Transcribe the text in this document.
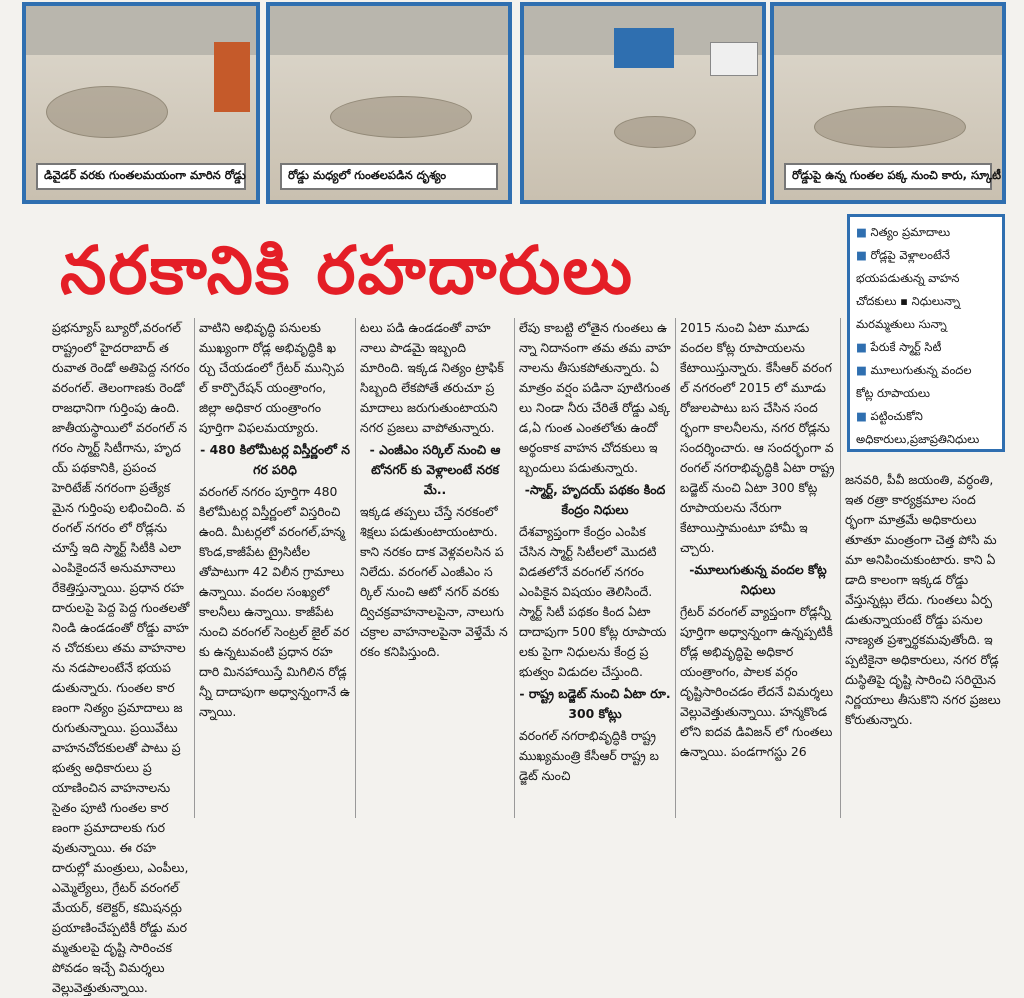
డివైడర్ వరకు గుంతలమయంగా మారిన రోడ్డు	రోడ్డు మధ్యలో గుంతలపడిన దృశ్యం	రోడ్డుపై ఉన్న గుంతల పక్క నుంచి కారు, స్కూటీ
నరకానికి రహదారులు
■	నిత్యం ప్రమాదాలు
■ రోడ్లపై వెళ్లాలంటేనే
భయపడుతున్న వాహన
చోదకులు ▪ నిధులున్నా
మరమ్మతులు సున్నా
■ పేరుకే స్మార్ట్ సిటీ
■ మూలుగుతున్న వందల
కోట్ల రూపాయలు
■ పట్టించుకోని
అధికారులు,ప్రజాప్రతినిధులు

ప్రభన్యూస్ బ్యూరో,వరంగల్ రాష్ట్రంలో హైదరాబాద్ తరువాత రెండో అతిపెద్ద నగరం వరంగల్. తెలంగాణకు రెండో రాజధానిగా గుర్తింపు ఉంది. జాతీయస్థాయిలో వరంగల్ నగరం స్మార్ట్ సిటీగాను, హృదయ్ పథకానికి, ప్రపంచ హెరిటేజ్ నగరంగా ప్రత్యేకమైన గుర్తింపు లభించింది. వరంగల్ నగరం లో రోడ్లను చూస్తే ఇది స్మార్ట్ సిటీకి ఎలా ఎంపికైందనే అనుమానాలు రేకెత్తిస్తున్నాయి. ప్రధాన రహదారులపై పెద్ద పెద్ద గుంతలతో నిండి ఉండడంతో రోడ్డు వాహన చోదకులు తమ వాహనాలను నడపాలంటేనే భయపడుతున్నారు. గుంతల కారణంగా నిత్యం ప్రమాదాలు జరుగుతున్నాయి. ప్రయివేటు వాహనచోదకులతో పాటు ప్రభుత్వ అధికారులు ప్రయాణించిన వాహనాలను సైతం పూటి గుంతల కారణంగా ప్రమాదాలకు గురవుతున్నాయి. ఈ రహదారుల్లో మంత్రులు, ఎంపీలు, ఎమ్మెల్యేలు, గ్రేటర్ వరంగల్ మేయర్, కలెక్టర్, కమిషనర్లు ప్రయాణించేప్పటికీ రోడ్డు మరమ్మతులపై దృష్టి సారించకపోవడం ఇచ్చే విమర్శలు వెల్లువెత్తుతున్నాయి.

వాటిని అభివృద్ధి పనులకు ముఖ్యంగా రోడ్ల అభివృద్ధికి ఖర్చు చేయడంలో గ్రేటర్ మున్సిపల్ కార్పొరేషన్ యంత్రాంగం, జిల్లా అధికార యంత్రాంగం పూర్తిగా విఫలమయ్యారు.

- 480 కిలోమీటర్ల విస్తీర్ణంలో నగర పరిధి

వరంగల్ నగరం పూర్తిగా 480 కిలోమీటర్ల విస్తీర్ణంలో విస్తరించి ఉంది. మీటర్లలో వరంగల్,హన్మకొండ,కాజీపేట ట్రైసిటీలతోపాటుగా 42 విలీన గ్రామాలు ఉన్నాయి. వందల సంఖ్యలో కాలనీలు ఉన్నాయి. కాజీపేట నుంచి వరంగల్ సెంట్రల్ జైల్ వరకు ఉన్నటువంటి ప్రధాన రహదారి మినహాయిస్తే మిగిలిన రోడ్లన్నీ దాదాపుగా అధ్వాన్నంగానే ఉన్నాయి.

టలు పడి ఉండడంతో వాహనాలు పాడమై ఇబ్బంది మారింది. ఇక్కడ నిత్యం ట్రాఫిక్ సిబ్బంది లేకపోతే తరుచూ ప్రమాదాలు జరుగుతుంటాయని నగర ప్రజలు వాపోతున్నారు.

- ఎంజీఎం సర్కిల్ నుంచి ఆటోనగర్ కు వెళ్లాలంటే నరకమే..

ఇక్కడ తప్పలు చేస్తే నరకంలో శిక్షలు పడుతుంటాయంటారు. కాని నరకం దాక వెళ్లవలసిన పనిలేదు. వరంగల్ ఎంజీఎం సర్కిల్ నుంచి ఆటో నగర్ వరకు ద్విచక్రవాహనాలపైనా, నాలుగు చక్రాల వాహనాలపైనా వెళ్తేమే నరకం కనిపిస్తుంది.

లేపు కాబట్టి లోతైన గుంతలు ఉన్నా నిదానంగా తమ తమ వాహనాలను తీసుకపోతున్నారు. ఏమాత్రం వర్షం పడినా పూటిగుంతలు నిండా నీరు చేరితే రోడ్డు ఎక్కడ,ఏ గుంత ఎంతలోతు ఉందో అర్థంకాక వాహన చోదకులు ఇబ్బందులు పడుతున్నారు.

-స్మార్ట్, హృదయ్ పథకం కింద కేంద్రం నిధులు

దేశవ్యాప్తంగా కేంద్రం ఎంపిక చేసిన స్మార్ట్ సిటీలలో మొదటి విడతలోనే వరంగల్ నగరం ఎంపికైన విషయం తెలిసిందే. స్మార్ట్ సిటీ పథకం కింద ఏటా దాదాపుగా 500 కోట్ల రూపాయలకు పైగా నిధులను కేంద్ర ప్రభుత్వం విడుదల చేస్తుంది.

- రాష్ట్ర బడ్జెట్ నుంచి ఏటా రూ.300 కోట్లు

వరంగల్ నగరాభివృద్ధికి రాష్ట్ర ముఖ్యమంత్రి కేసీఆర్ రాష్ట్ర బడ్జెట్ నుంచి

2015 నుంచి ఏటా మూడు వందల కోట్ల రూపాయలను కేటాయిస్తున్నారు. కేసీఆర్ వరంగల్ నగరంలో 2015 లో మూడు రోజులపాటు బస చేసిన సందర్భంగా కాలనీలను, నగర రోడ్లను సందర్శించారు. ఆ సందర్భంగా వరంగల్ నగరాభివృద్ధికి ఏటా రాష్ట్ర బడ్జెట్ నుంచి ఏటా 300 కోట్ల రూపాయలను నేరుగా కేటాయిస్తామంటూ హామీ ఇచ్చారు.

-మూలుగుతున్న వందల కోట్ల నిధులు

గ్రేటర్ వరంగల్ వ్యాప్తంగా రోడ్లన్నీ పూర్తిగా అధ్వాన్నంగా ఉన్నప్పటికీ రోడ్ల అభివృద్ధిపై అధికార యంత్రాంగం, పాలక వర్గం దృష్టిసారించడం లేదనే విమర్శలు వెల్లువెత్తుతున్నాయి. హన్మకొండలోని ఐదవ డివిజన్ లో గుంతలు ఉన్నాయి. పండగాగస్టు 26

జనవరి, పీవీ జయంతి, వర్ధంతి, ఇత రత్రా కార్యక్రమాల సందర్భంగా మాత్రమే అధికారులు తూతూ మంత్రంగా చెత్త పోసి మమా అనిపించుకుంటారు. కాని ఏడాది కాలంగా ఇక్కడ రోడ్డు వేస్తున్నట్లు లేదు. గుంతలు ఏర్పడుతున్నాయంటే రోడ్డు పనుల నాణ్యత ప్రశ్నార్థకమవుతోంది. ఇప్పటికైనా అధికారులు, నగర రోడ్ల దుస్థితిపై దృష్టి సారించి సరియైన నిర్ణయాలు తీసుకొని నగర ప్రజలు కోరుతున్నారు.
